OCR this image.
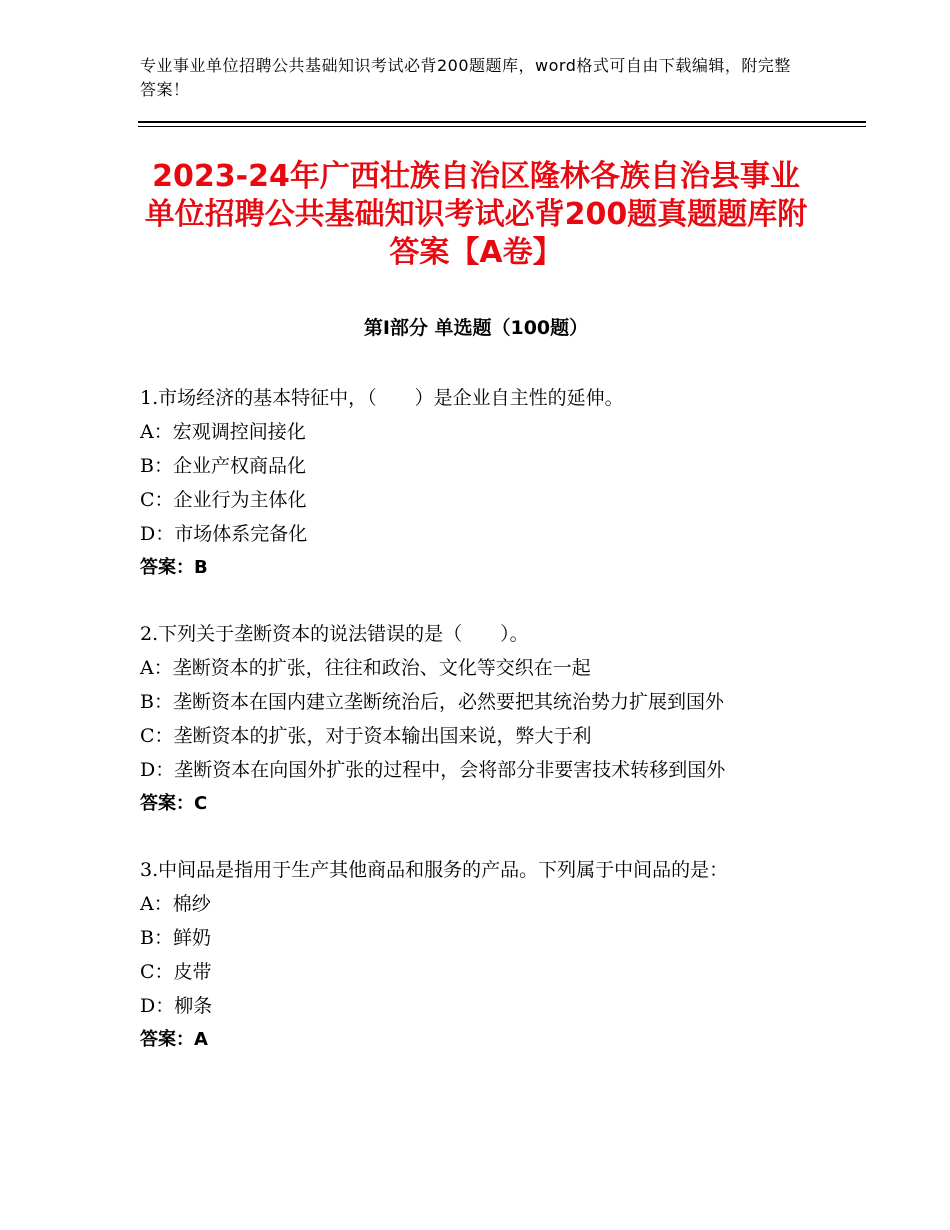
专业事业单位招聘公共基础知识考试必背200题题库，word格式可自由下载编辑，附完整答案！
2023-24年广西壮族自治区隆林各族自治县事业单位招聘公共基础知识考试必背200题真题题库附答案【A卷】
第Ⅰ部分 单选题（100题）
1.市场经济的基本特征中，（　　）是企业自主性的延伸。
A：宏观调控间接化
B：企业产权商品化
C：企业行为主体化
D：市场体系完备化
答案：B
2.下列关于垄断资本的说法错误的是（　　）。
A：垄断资本的扩张，往往和政治、文化等交织在一起
B：垄断资本在国内建立垄断统治后，必然要把其统治势力扩展到国外
C：垄断资本的扩张，对于资本输出国来说，弊大于利
D：垄断资本在向国外扩张的过程中，会将部分非要害技术转移到国外
答案：C
3.中间品是指用于生产其他商品和服务的产品。下列属于中间品的是：
A：棉纱
B：鲜奶
C：皮带
D：柳条
答案：A
